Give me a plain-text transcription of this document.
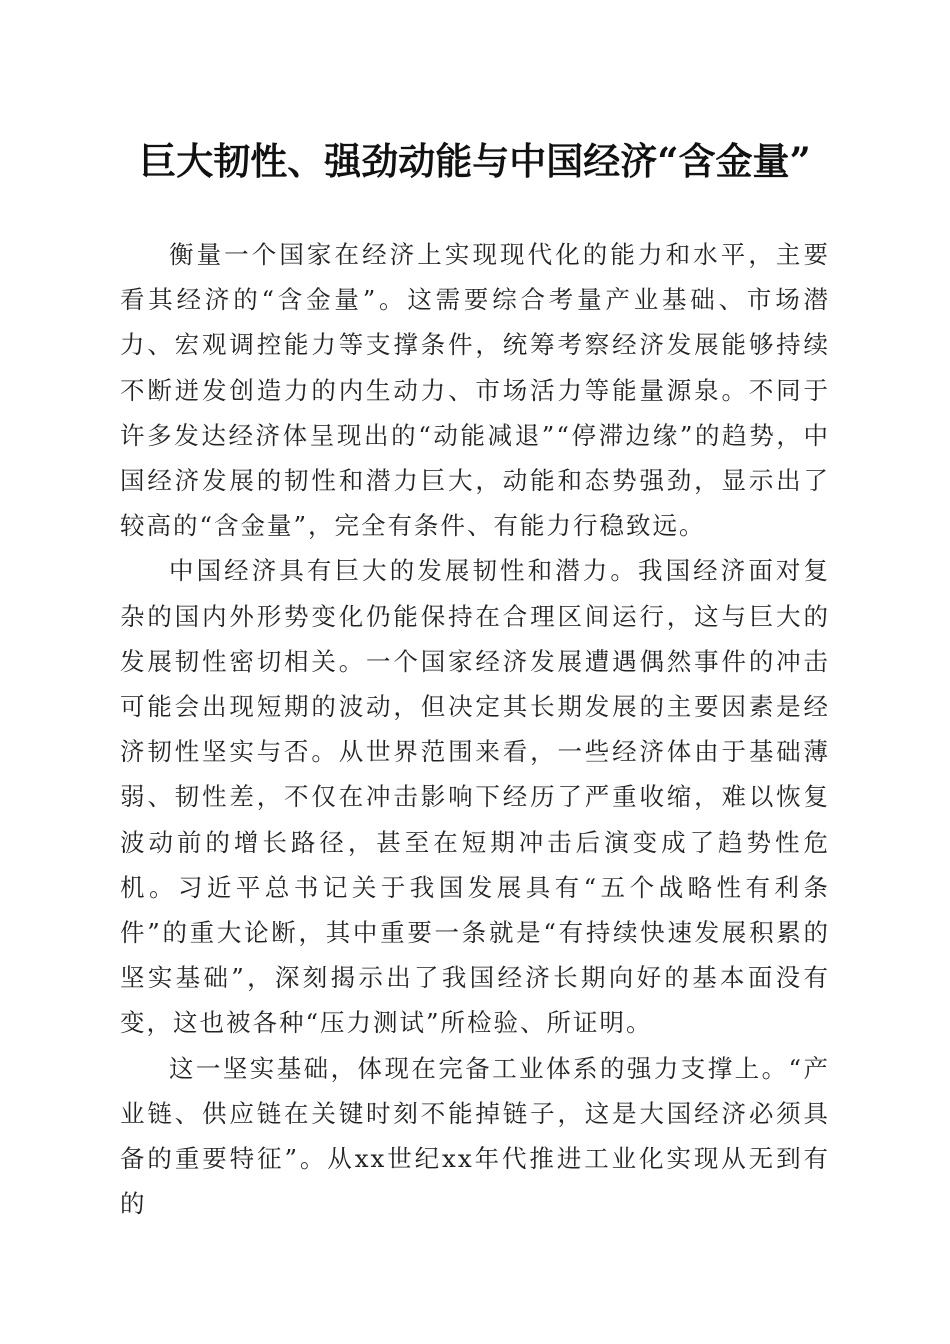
巨大韧性、强劲动能与中国经济“含金量”

衡量一个国家在经济上实现现代化的能力和水平，主要看其经济的“含金量”。这需要综合考量产业基础、市场潜力、宏观调控能力等支撑条件，统筹考察经济发展能够持续不断迸发创造力的内生动力、市场活力等能量源泉。不同于许多发达经济体呈现出的“动能减退”“停滞边缘”的趋势，中国经济发展的韧性和潜力巨大，动能和态势强劲，显示出了较高的“含金量”，完全有条件、有能力行稳致远。

中国经济具有巨大的发展韧性和潜力。我国经济面对复杂的国内外形势变化仍能保持在合理区间运行，这与巨大的发展韧性密切相关。一个国家经济发展遭遇偶然事件的冲击可能会出现短期的波动，但决定其长期发展的主要因素是经济韧性坚实与否。从世界范围来看，一些经济体由于基础薄弱、韧性差，不仅在冲击影响下经历了严重收缩，难以恢复波动前的增长路径，甚至在短期冲击后演变成了趋势性危机。习近平总书记关于我国发展具有“五个战略性有利条件”的重大论断，其中重要一条就是“有持续快速发展积累的坚实基础”，深刻揭示出了我国经济长期向好的基本面没有变，这也被各种“压力测试”所检验、所证明。

这一坚实基础，体现在完备工业体系的强力支撑上。“产业链、供应链在关键时刻不能掉链子，这是大国经济必须具备的重要特征”。从xx世纪xx年代推进工业化实现从无到有的
